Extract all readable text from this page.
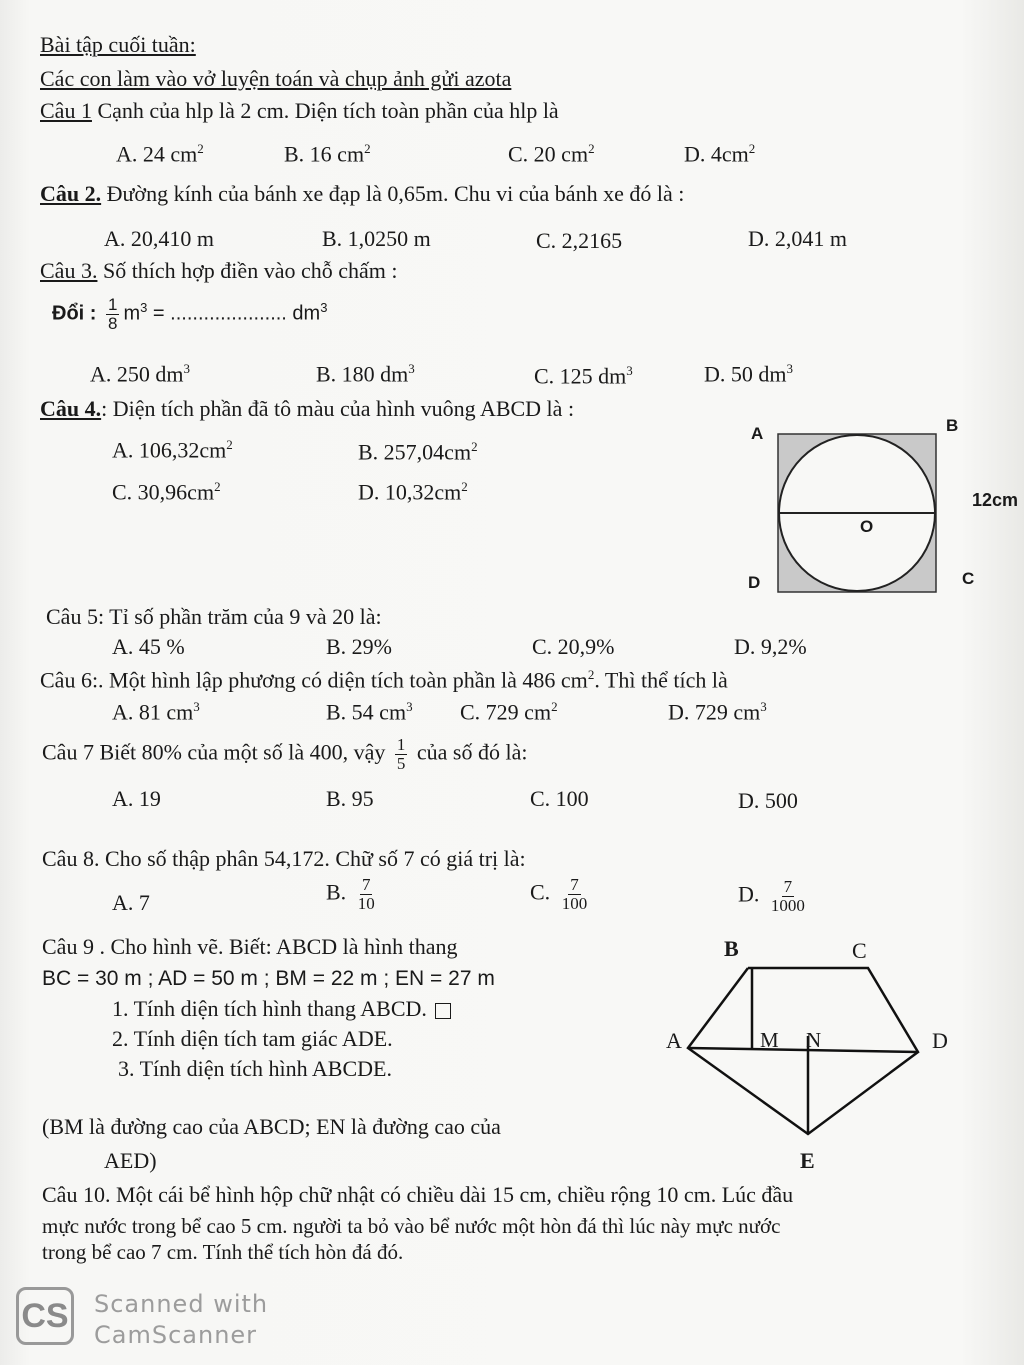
Bài tập cuối tuần:
Các con làm vào vở luyện toán và chụp ảnh gửi azota
Câu 1 Cạnh của hlp là 2 cm. Diện tích toàn phần của hlp là
A. 24 $cm^2$	B. 16 $cm^2$	C. 20 $cm^2$	D. $4cm^2$
Câu 2. Đường kính của bánh xe đạp là 0,65m. Chu vi của bánh xe đó là :
A. 20,410 m	B. 1,0250 m	C. 2,2165	D. 2,041 m
Câu 3. Số thích hợp điền vào chỗ chấm :
Đổi : $\frac{1}{8} m^3$ = ..................... $dm^3$
A. 250 $dm^3$	B. 180 $dm^3$	C. 125 $dm^3$	D. 50 $dm^3$
Câu 4.: Diện tích phần đã tô màu của hình vuông ABCD là :
A. $106,32cm^2$	B. $257,04cm^2$
C. $30,96cm^2$	D. $10,32cm^2$
A	B
C
D
O
12cm
Câu 5: Tỉ số phần trăm của 9 và 20 là:
A. 45 %	B. 29%	C. 20,9%	D. 9,2%
Câu 6:. Một hình lập phương có diện tích toàn phần là 486 $cm^2$. Thì thể tích là
A. 81 $cm^3$	B. 54 $cm^3$ C. 729 $cm^2$	D. 729 $cm^3$
Câu 7 Biết 80% của một số là 400, vậy $\frac{1}{5}$ của số đó là:
A. 19	B. 95	C. 100	D. 500
Câu 8. Cho số thập phân 54,172. Chữ số 7 có giá trị là:
A. 7	B. $\frac{7}{10}$	C. $\frac{7}{100}$	D. $\frac{7}{1000}$
Câu 9 . Cho hình vẽ. Biết: ABCD là hình thang
BC = 30 m ; AD = 50 m ; BM = 22 m ; EN = 27 m
1. Tính diện tích hình thang ABCD.
2. Tính diện tích tam giác ADE.
3. Tính diện tích hình ABCDE.
(BM là đường cao của ABCD; EN là đường cao của
AED)
B	C
A	M N	D
E
Câu 10. Một cái bể hình hộp chữ nhật có chiều dài 15 cm, chiều rộng 10 cm. Lúc đầu
mực nước trong bể cao 5 cm. người ta bỏ vào bể nước một hòn đá thì lúc này mực nước
trong bể cao 7 cm. Tính thể tích hòn đá đó.
CS Scanned with
CamScanner
